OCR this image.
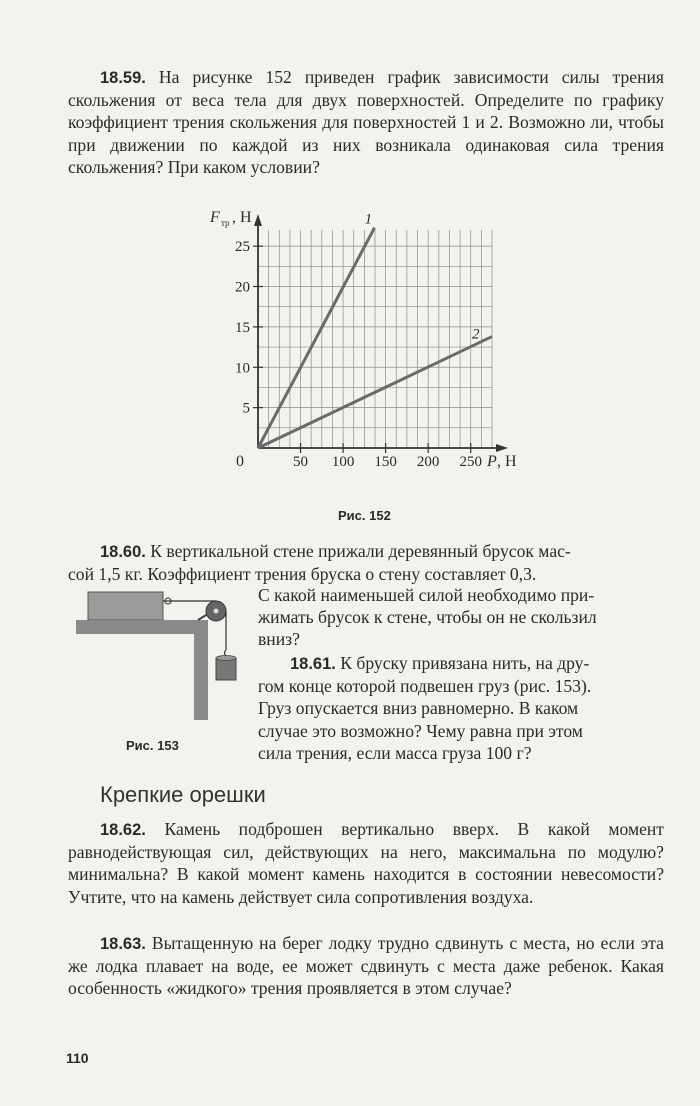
18.59. На рисунке 152 приведен график зависимости силы трения скольжения от веса тела для двух поверхностей. Определите по графику коэффициент трения скольжения для поверхностей 1 и 2. Возможно ли, чтобы при движении по каждой из них возникала одинаковая сила трения скольжения? При каком условии?

5
10
15
20
25
50 100 150 200 250
1
2
F тр , Н
P , Н
0
Рис. 152
18.60. К вертикальной стене прижали деревянный брусок мас-
сой 1,5 кг. Коэффициент трения бруска о стену составляет 0,3.
С какой наименьшей силой необходимо при-
жимать брусок к стене, чтобы он не скользил
вниз?
Рис. 153
18.61. К бруску привязана нить, на дру-
гом конце которой подвешен груз (рис. 153).
Груз опускается вниз равномерно. В каком
случае это возможно? Чему равна при этом
сила трения, если масса груза 100 г?
Крепкие орешки

18.62. Камень подброшен вертикально вверх. В какой момент равнодействующая сил, действующих на него, максимальна по модулю? минимальна? В какой момент камень находится в состоянии невесомости? Учтите, что на камень действует сила сопротивления воздуха.

18.63. Вытащенную на берег лодку трудно сдвинуть с места, но если эта же лодка плавает на воде, ее может сдвинуть с места даже ребенок. Какая особенность «жидкого» трения проявляется в этом случае?

110
